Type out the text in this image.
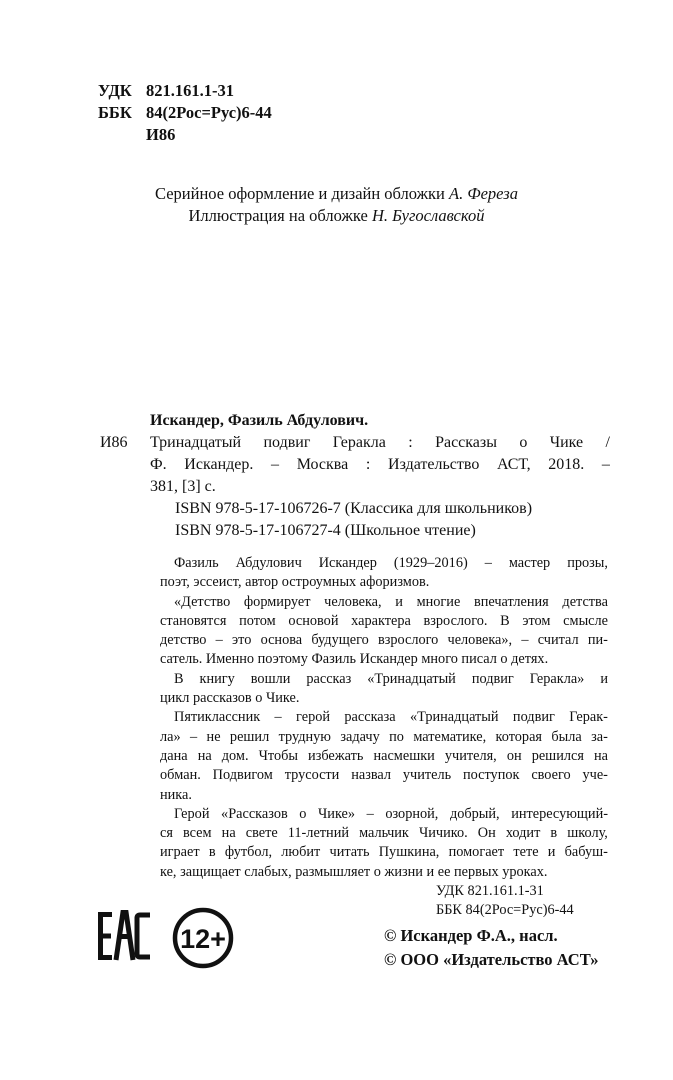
УДК 821.161.1-31
ББК 84(2Рос=Рус)6-44
И86
Серийное оформление и дизайн обложки А. Фереза
Иллюстрация на обложке Н. Бугославской
Искандер, Фазиль Абдулович.
И86	Тринадцатый подвиг Геракла : Рассказы о Чике /
Ф. Искандер. – Москва : Издательство АСТ, 2018. –
381, [3] с.
ISBN 978-5-17-106726-7 (Классика для школьников)
ISBN 978-5-17-106727-4 (Школьное чтение)
Фазиль Абдулович Искандер (1929–2016) – мастер прозы,
поэт, эссеист, автор остроумных афоризмов.
«Детство формирует человека, и многие впечатления детства
становятся потом основой характера взрослого. В этом смысле
детство – это основа будущего взрослого человека», – считал пи-
сатель. Именно поэтому Фазиль Искандер много писал о детях.
В книгу вошли рассказ «Тринадцатый подвиг Геракла» и
цикл рассказов о Чике.
Пятиклассник – герой рассказа «Тринадцатый подвиг Герак-
ла» – не решил трудную задачу по математике, которая была за-
дана на дом. Чтобы избежать насмешки учителя, он решился на
обман. Подвигом трусости назвал учитель поступок своего уче-
ника.
Герой «Рассказов о Чике» – озорной, добрый, интересующий-
ся всем на свете 11-летний мальчик Чичико. Он ходит в школу,
играет в футбол, любит читать Пушкина, помогает тете и бабуш-
ке, защищает слабых, размышляет о жизни и ее первых уроках.
УДК 821.161.1-31
ББК 84(2Рос=Рус)6-44
12+	© Искандер Ф.А., насл.
© ООО «Издательство АСТ»
